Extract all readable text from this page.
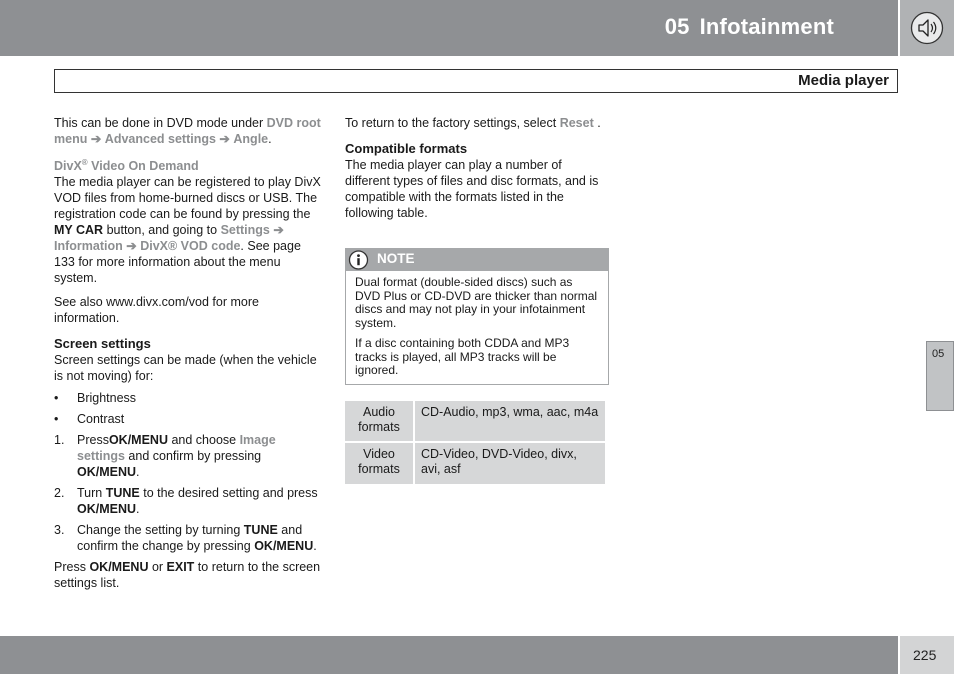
05 Infotainment
Media player

This can be done in DVD mode under DVD root menu ➔ Advanced settings ➔ Angle.

DivX® Video On Demand

The media player can be registered to play DivX VOD files from home-burned discs or USB. The registration code can be found by pressing the MY CAR button, and going to Settings ➔ Information ➔ DivX® VOD code. See page 133 for more information about the menu system.

See also www.divx.com/vod for more information.

Screen settings

Screen settings can be made (when the vehicle is not moving) for:

• Brightness
• Contrast
1. PressOK/MENU and choose Image settings and confirm by pressing OK/MENU.
2. Turn TUNE to the desired setting and press OK/MENU.
3. Change the setting by turning TUNE and confirm the change by pressing OK/MENU.

Press OK/MENU or EXIT to return to the screen settings list.

To return to the factory settings, select Reset .

Compatible formats

The media player can play a number of different types of files and disc formats, and is compatible with the formats listed in the following table.

NOTE

Dual format (double-sided discs) such as DVD Plus or CD-DVD are thicker than normal discs and may not play in your infotainment system.

If a disc containing both CDDA and MP3 tracks is played, all MP3 tracks will be ignored.

Audio formats	CD-Audio, mp3, wma, aac, m4a
Video formats	CD-Video, DVD-Video, divx, avi, asf
05
225
